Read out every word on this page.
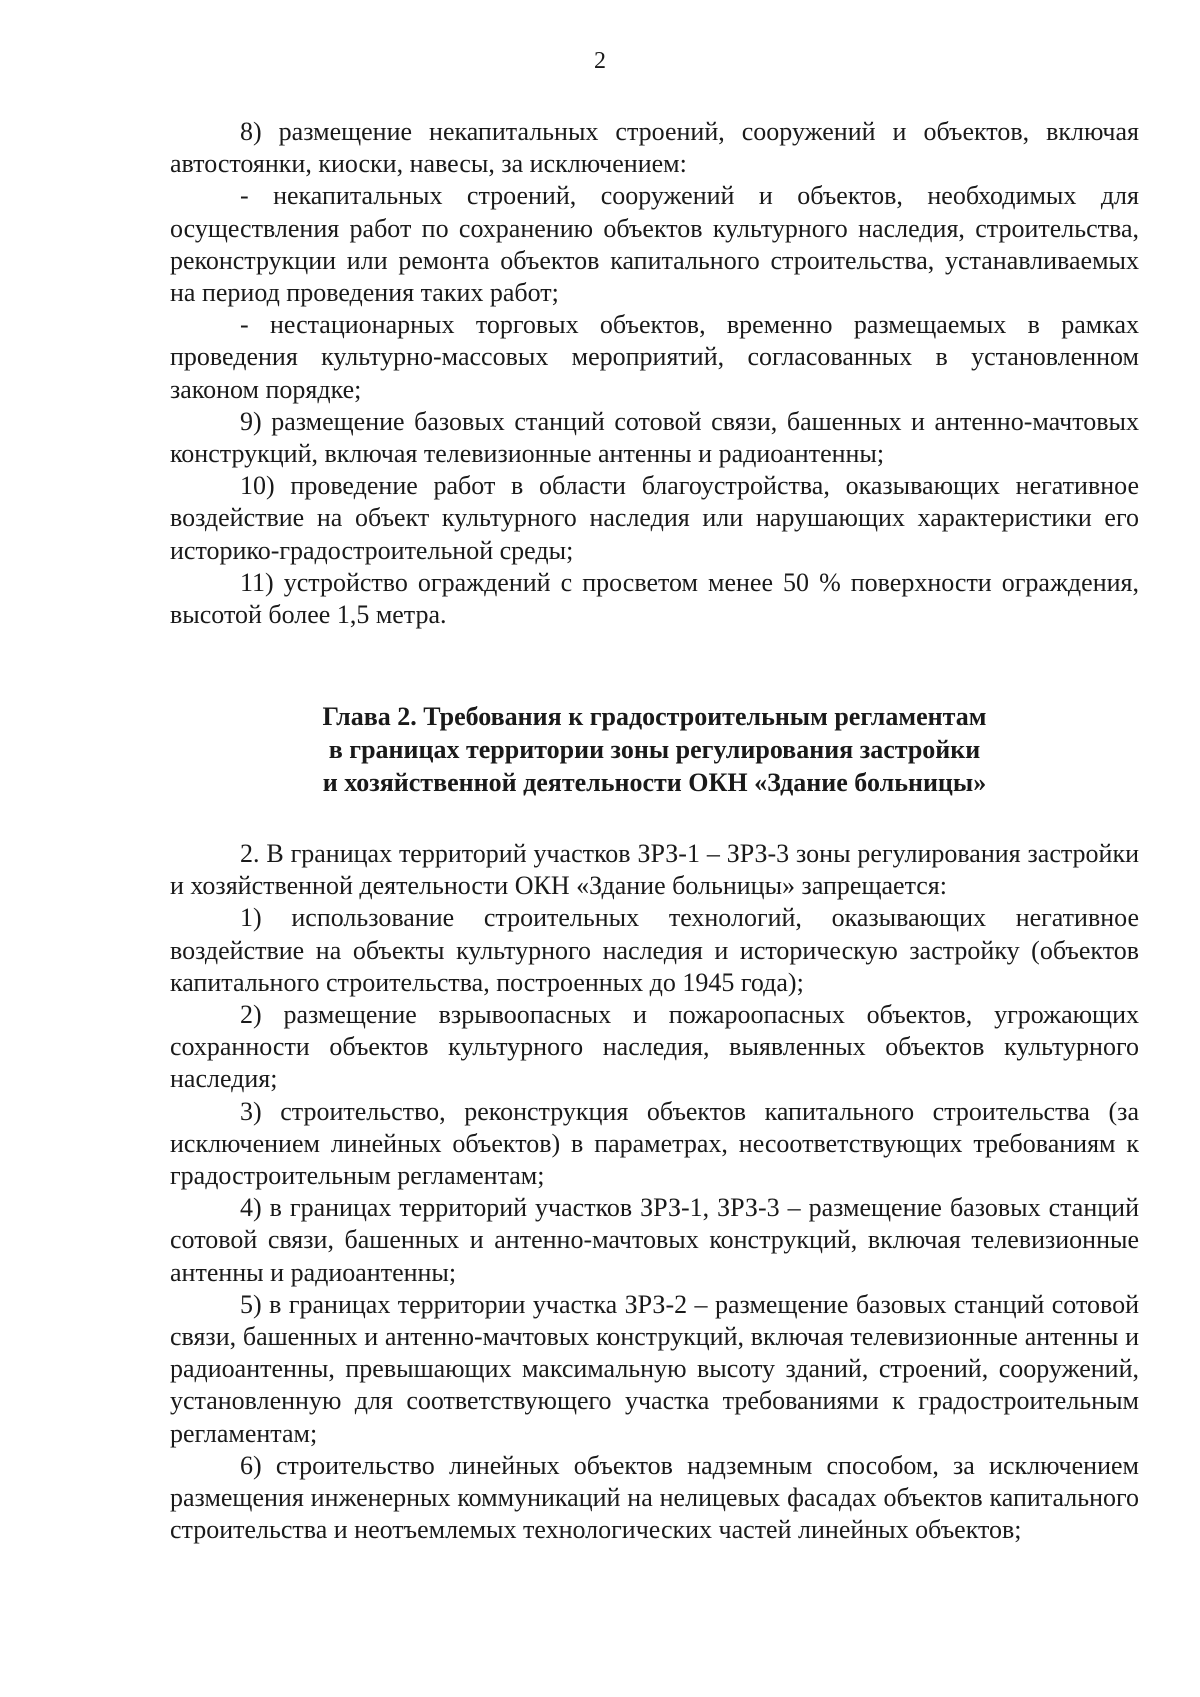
2

8) размещение некапитальных строений, сооружений и объектов, включая автостоянки, киоски, навесы, за исключением:

- некапитальных строений, сооружений и объектов, необходимых для осуществления работ по сохранению объектов культурного наследия, строительства, реконструкции или ремонта объектов капитального строительства, устанавливаемых на период проведения таких работ;

- нестационарных торговых объектов, временно размещаемых в рамках проведения культурно-массовых мероприятий, согласованных в установленном законом порядке;

9) размещение базовых станций сотовой связи, башенных и антенно-мачтовых конструкций, включая телевизионные антенны и радиоантенны;

10) проведение работ в области благоустройства, оказывающих негативное воздействие на объект культурного наследия или нарушающих характеристики его историко-градостроительной среды;

11) устройство ограждений с просветом менее 50 % поверхности ограждения, высотой более 1,5 метра.

Глава 2. Требования к градостроительным регламентам
в границах территории зоны регулирования застройки
и хозяйственной деятельности ОКН «Здание больницы»

2. В границах территорий участков ЗРЗ-1 – ЗРЗ-3 зоны регулирования застройки и хозяйственной деятельности ОКН «Здание больницы» запрещается:

1) использование строительных технологий, оказывающих негативное воздействие на объекты культурного наследия и историческую застройку (объектов капитального строительства, построенных до 1945 года);

2) размещение взрывоопасных и пожароопасных объектов, угрожающих сохранности объектов культурного наследия, выявленных объектов культурного наследия;

3) строительство, реконструкция объектов капитального строительства (за исключением линейных объектов) в параметрах, несоответствующих требованиям к градостроительным регламентам;

4) в границах территорий участков ЗРЗ-1, ЗРЗ-3 – размещение базовых станций сотовой связи, башенных и антенно-мачтовых конструкций, включая телевизионные антенны и радиоантенны;

5) в границах территории участка ЗРЗ-2 – размещение базовых станций сотовой связи, башенных и антенно-мачтовых конструкций, включая телевизионные антенны и радиоантенны, превышающих максимальную высоту зданий, строений, сооружений, установленную для соответствующего участка требованиями к градостроительным регламентам;

6) строительство линейных объектов надземным способом, за исключением размещения инженерных коммуникаций на нелицевых фасадах объектов капитального строительства и неотъемлемых технологических частей линейных объектов;
